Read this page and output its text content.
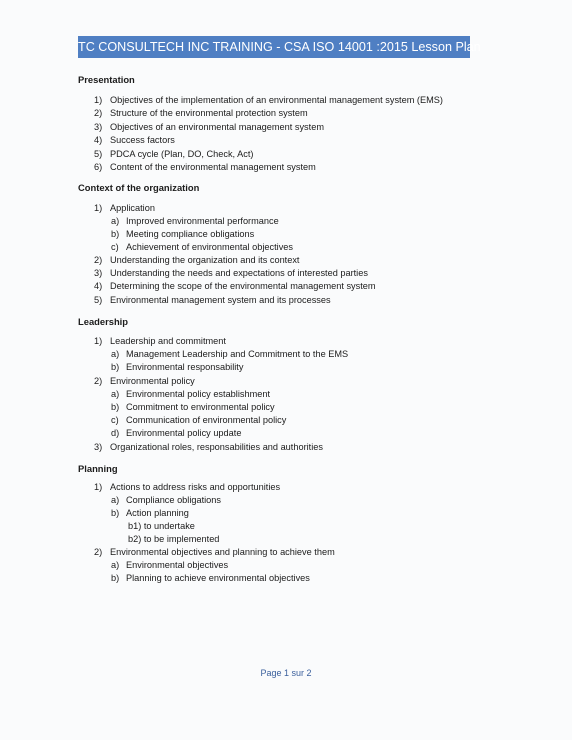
TC CONSULTECH INC TRAINING - CSA ISO 14001 :2015 Lesson Plan
Presentation
1) Objectives of the implementation of an environmental management system (EMS)
2) Structure of the environmental protection system
3) Objectives of an environmental management system
4) Success factors
5) PDCA cycle (Plan, DO, Check, Act)
6) Content of the environmental management system
Context of the organization
1) Application
a) Improved environmental performance
b) Meeting compliance obligations
c) Achievement of environmental objectives
2) Understanding the organization and its context
3) Understanding the needs and expectations of interested parties
4) Determining the scope of the environmental management system
5) Environmental management system and its processes
Leadership
1) Leadership and commitment
a) Management Leadership and Commitment to the EMS
b) Environmental responsability
2) Environmental policy
a) Environmental policy establishment
b) Commitment to environmental policy
c) Communication of environmental policy
d) Environmental policy update
3) Organizational roles, responsabilities and authorities
Planning
1) Actions to address risks and opportunities
a) Compliance obligations
b) Action planning
b1) to undertake
b2) to be implemented
2) Environmental objectives and planning to achieve them
a) Environmental objectives
b) Planning to achieve environmental objectives
Page 1 sur 2
